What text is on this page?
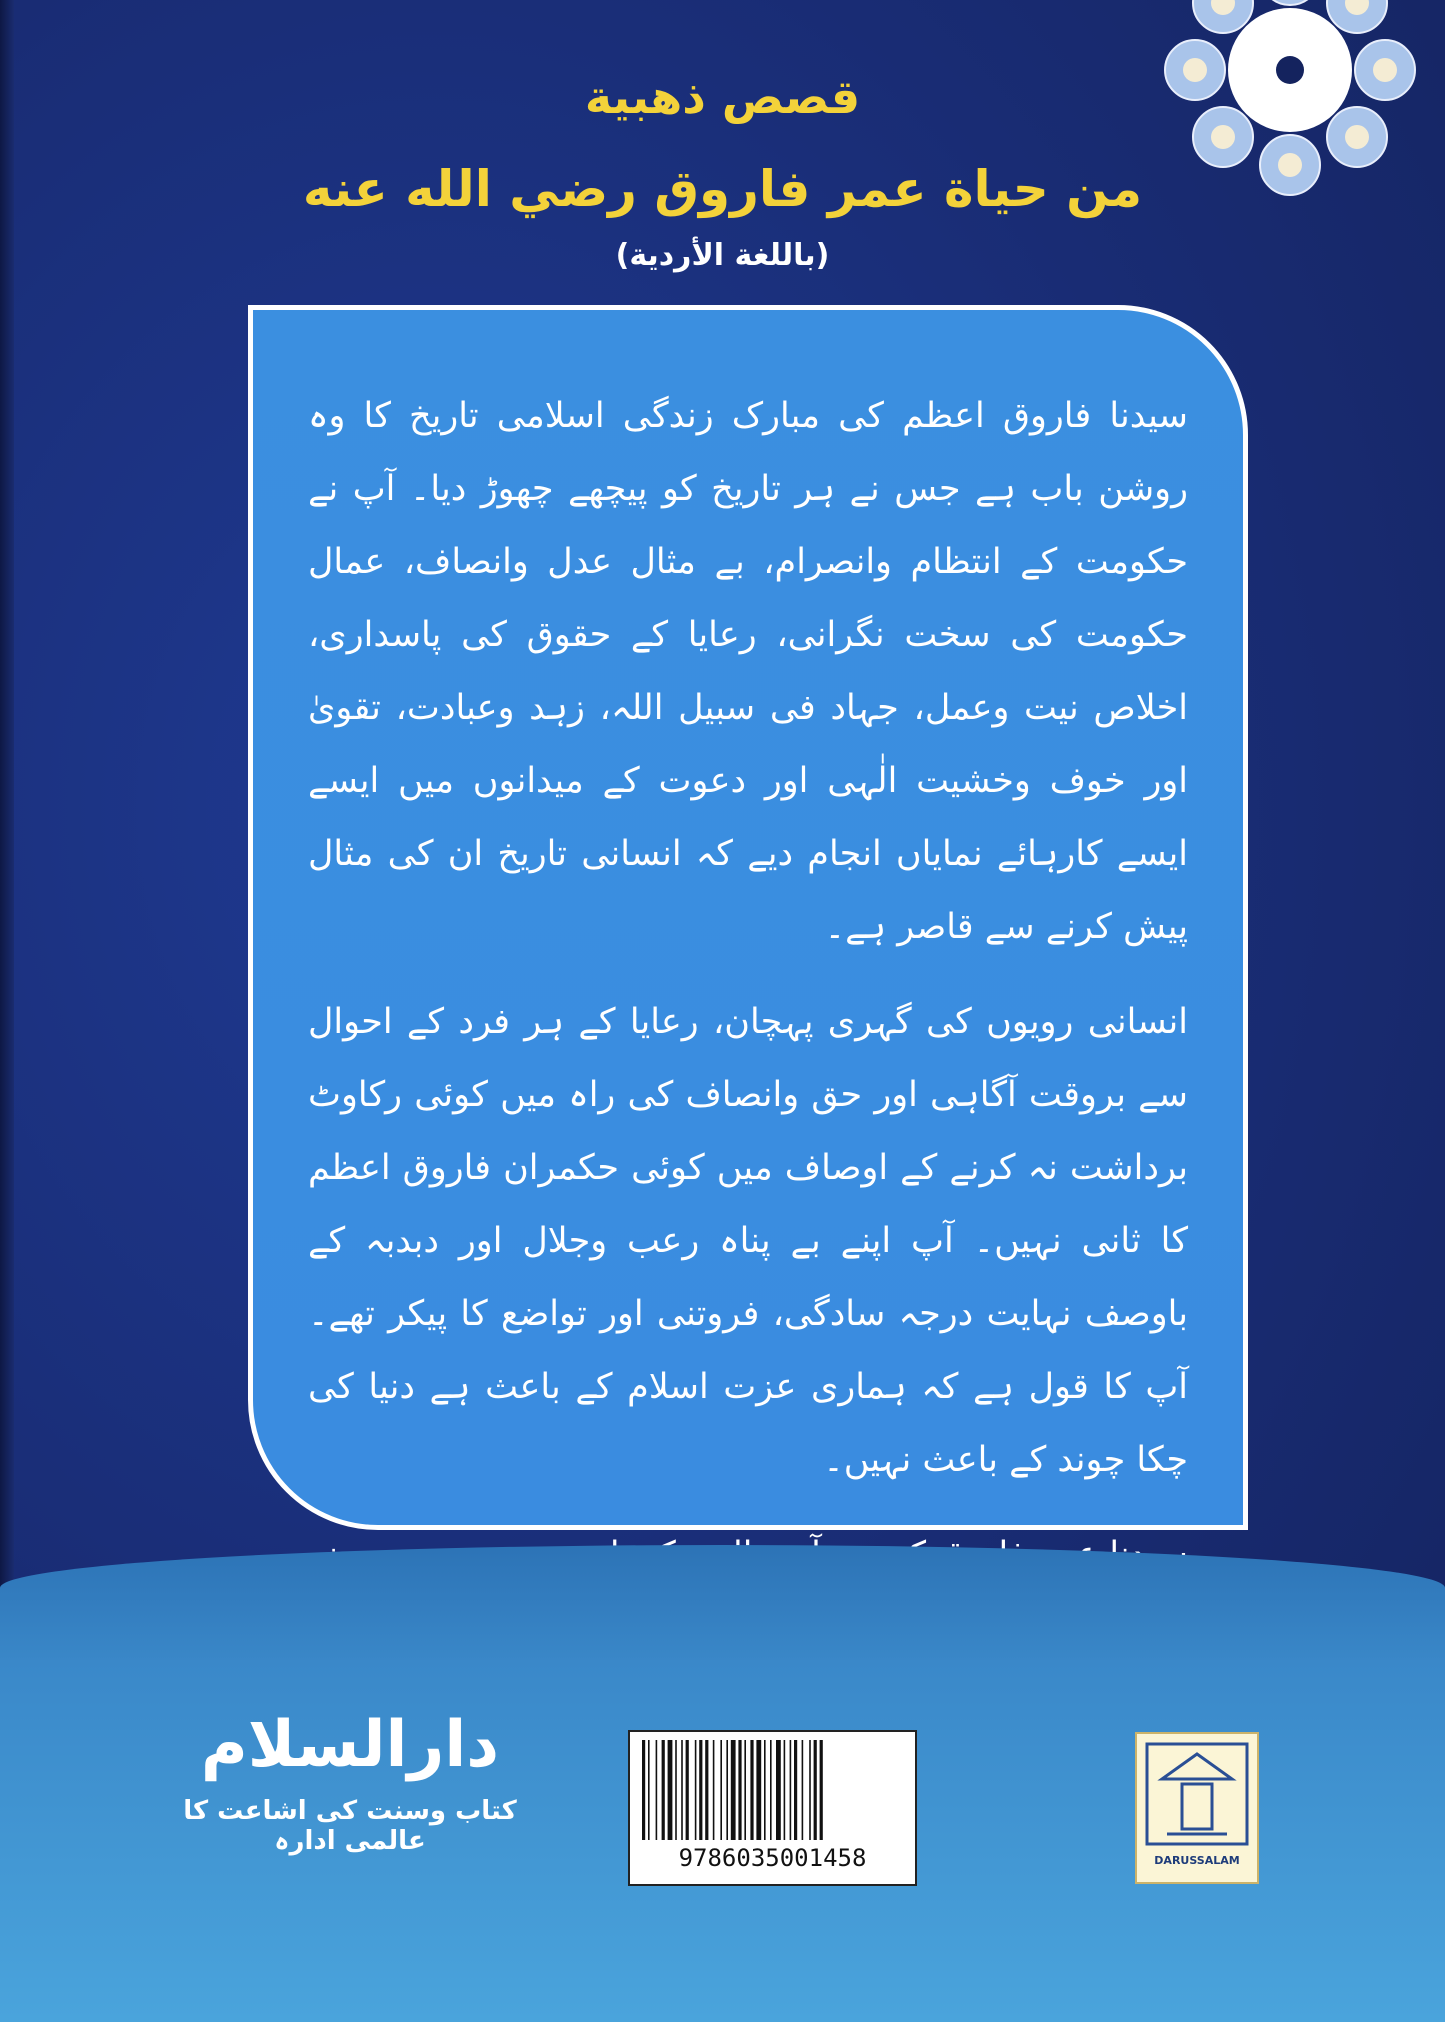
قصص ذهبية
من حياة عمر فاروق رضي الله عنه
(باللغة الأردية)

سیدنا فاروق اعظم کی مبارک زندگی اسلامی تاریخ کا وہ روشن باب ہے جس نے ہر تاریخ کو پیچھے چھوڑ دیا۔ آپ نے حکومت کے انتظام وانصرام، بے مثال عدل وانصاف، عمال حکومت کی سخت نگرانی، رعایا کے حقوق کی پاسداری، اخلاص نیت وعمل، جہاد فی سبیل اللہ، زہد وعبادت، تقویٰ اور خوف وخشیت الٰہی اور دعوت کے میدانوں میں ایسے ایسے کارہائے نمایاں انجام دیے کہ انسانی تاریخ ان کی مثال پیش کرنے سے قاصر ہے۔

انسانی رویوں کی گہری پہچان، رعایا کے ہر فرد کے احوال سے بروقت آگاہی اور حق وانصاف کی راہ میں کوئی رکاوٹ برداشت نہ کرنے کے اوصاف میں کوئی حکمران فاروق اعظم کا ثانی نہیں۔ آپ اپنے بے پناہ رعب وجلال اور دبدبہ کے باوصف نہایت درجہ سادگی، فروتنی اور تواضع کا پیکر تھے۔ آپ کا قول ہے کہ ہماری عزت اسلام کے باعث ہے دنیا کی چکا چوند کے باعث نہیں۔

دارالسلام
کتاب وسنت کی اشاعت کا عالمی ادارہ
9786035001458	DARUSSALAM
